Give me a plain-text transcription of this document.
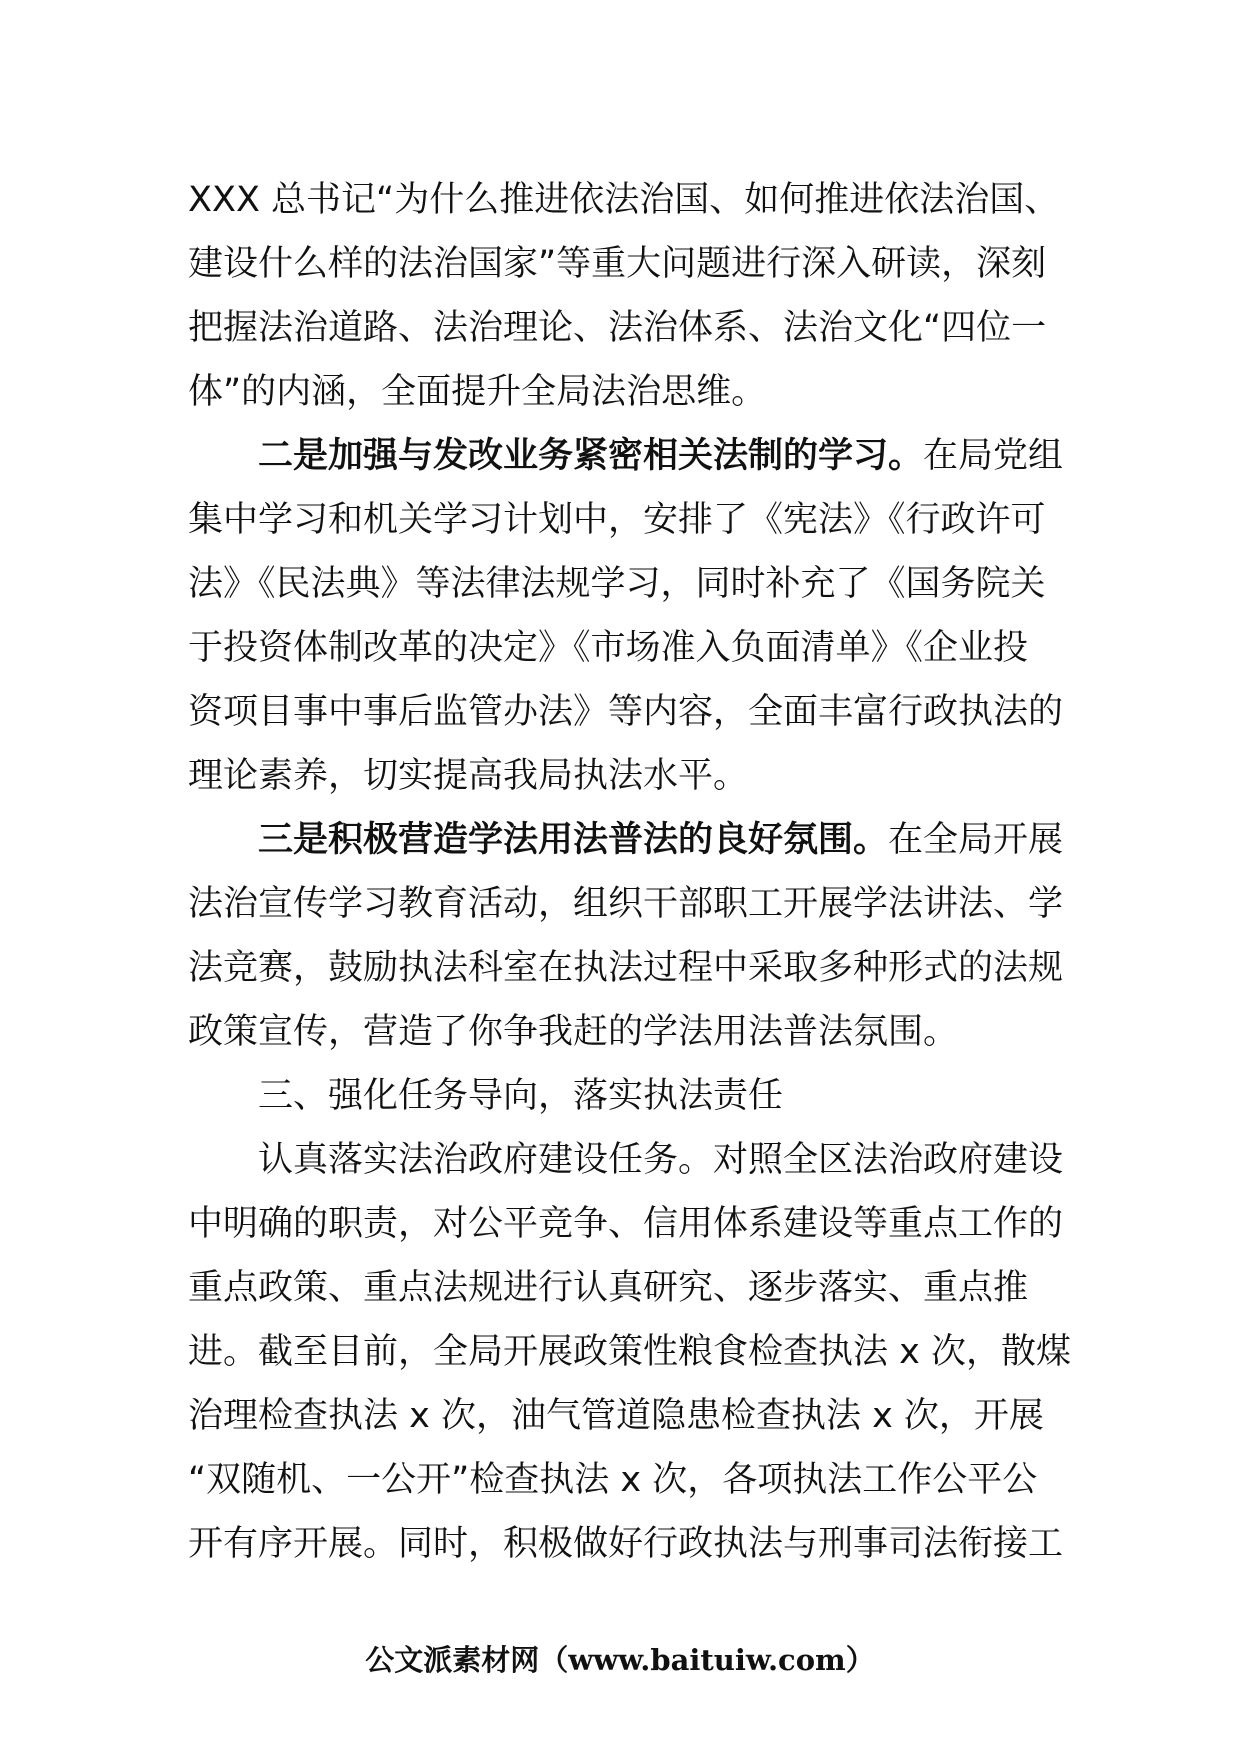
XXX 总书记“为什么推进依法治国、如何推进依法治国、

建设什么样的法治国家”等重大问题进行深入研读，深刻

把握法治道路、法治理论、法治体系、法治文化“四位一

体”的内涵，全面提升全局法治思维。

二是加强与发改业务紧密相关法制的学习。在局党组

集中学习和机关学习计划中，安排了《宪法》《行政许可

法》《民法典》等法律法规学习，同时补充了《国务院关

于投资体制改革的决定》《市场准入负面清单》《企业投

资项目事中事后监管办法》等内容，全面丰富行政执法的

理论素养，切实提高我局执法水平。

三是积极营造学法用法普法的良好氛围。在全局开展

法治宣传学习教育活动，组织干部职工开展学法讲法、学

法竞赛，鼓励执法科室在执法过程中采取多种形式的法规

政策宣传，营造了你争我赶的学法用法普法氛围。

三、强化任务导向，落实执法责任

认真落实法治政府建设任务。对照全区法治政府建设

中明确的职责，对公平竞争、信用体系建设等重点工作的

重点政策、重点法规进行认真研究、逐步落实、重点推

进。截至目前，全局开展政策性粮食检查执法 x 次，散煤

治理检查执法 x 次，油气管道隐患检查执法 x 次，开展

“双随机、一公开”检查执法 x 次，各项执法工作公平公

开有序开展。同时，积极做好行政执法与刑事司法衔接工

公文派素材网（www.baituiw.com）
